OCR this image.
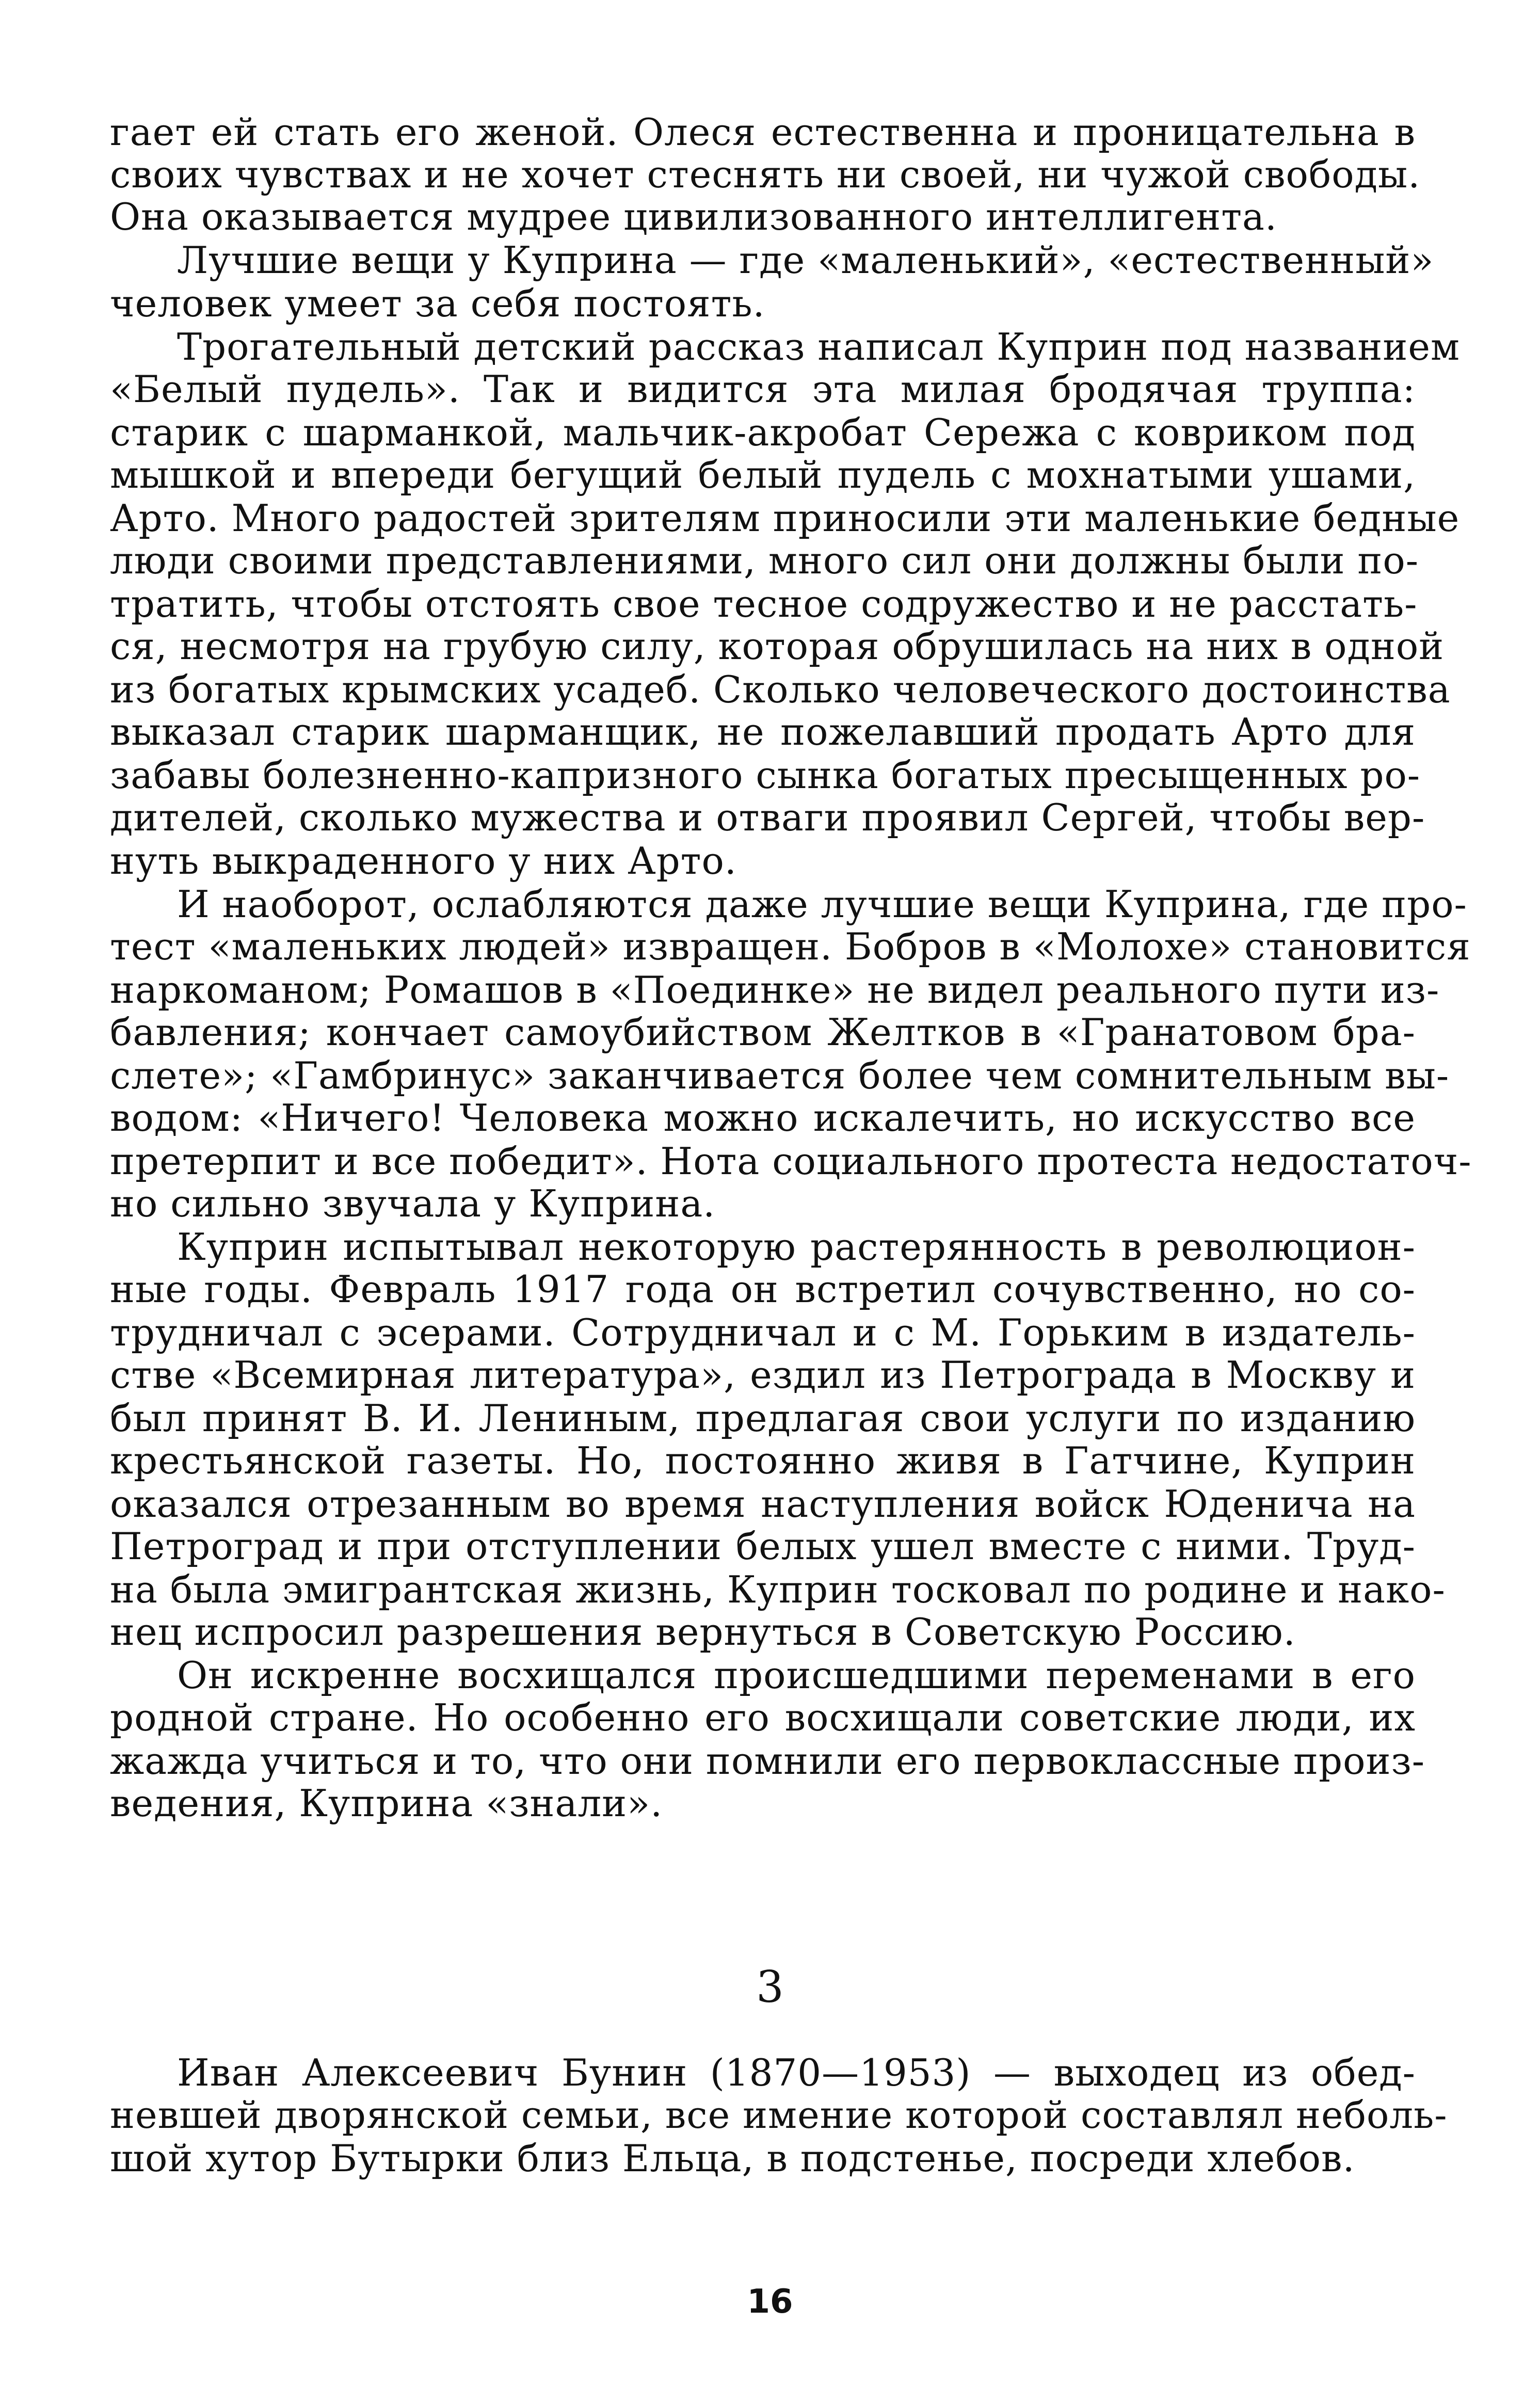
гает ей стать его женой. Олеся естественна и проницательна в
своих чувствах и не хочет стеснять ни своей, ни чужой свободы.
Она оказывается мудрее цивилизованного интеллигента.
Лучшие вещи у Куприна — где «маленький», «естественный»
человек умеет за себя постоять.
Трогательный детский рассказ написал Куприн под названием
«Белый пудель». Так и видится эта милая бродячая труппа:
старик с шарманкой, мальчик-акробат Сережа с ковриком под
мышкой и впереди бегущий белый пудель с мохнатыми ушами,
Арто. Много радостей зрителям приносили эти маленькие бедные
люди своими представлениями, много сил они должны были по-
тратить, чтобы отстоять свое тесное содружество и не расстать-
ся, несмотря на грубую силу, которая обрушилась на них в одной
из богатых крымских усадеб. Сколько человеческого достоинства
выказал старик шарманщик, не пожелавший продать Арто для
забавы болезненно-капризного сынка богатых пресыщенных ро-
дителей, сколько мужества и отваги проявил Сергей, чтобы вер-
нуть выкраденного у них Арто.
И наоборот, ослабляются даже лучшие вещи Куприна, где про-
тест «маленьких людей» извращен. Бобров в «Молохе» становится
наркоманом; Ромашов в «Поединке» не видел реального пути из-
бавления; кончает самоубийством Желтков в «Гранатовом бра-
слете»; «Гамбринус» заканчивается более чем сомнительным вы-
водом: «Ничего! Человека можно искалечить, но искусство все
претерпит и все победит». Нота социального протеста недостаточ-
но сильно звучала у Куприна.
Куприн испытывал некоторую растерянность в революцион-
ные годы. Февраль 1917 года он встретил сочувственно, но со-
трудничал с эсерами. Сотрудничал и с М. Горьким в издатель-
стве «Всемирная литература», ездил из Петрограда в Москву и
был принят В. И. Лениным, предлагая свои услуги по изданию
крестьянской газеты. Но, постоянно живя в Гатчине, Куприн
оказался отрезанным во время наступления войск Юденича на
Петроград и при отступлении белых ушел вместе с ними. Труд-
на была эмигрантская жизнь, Куприн тосковал по родине и нако-
нец испросил разрешения вернуться в Советскую Россию.
Он искренне восхищался происшедшими переменами в его
родной стране. Но особенно его восхищали советские люди, их
жажда учиться и то, что они помнили его первоклассные произ-
ведения, Куприна «знали».
Иван Алексеевич Бунин (1870—1953) — выходец из обед-
невшей дворянской семьи, все имение которой составлял неболь-
шой хутор Бутырки близ Ельца, в подстенье, посреди хлебов.
3
16
